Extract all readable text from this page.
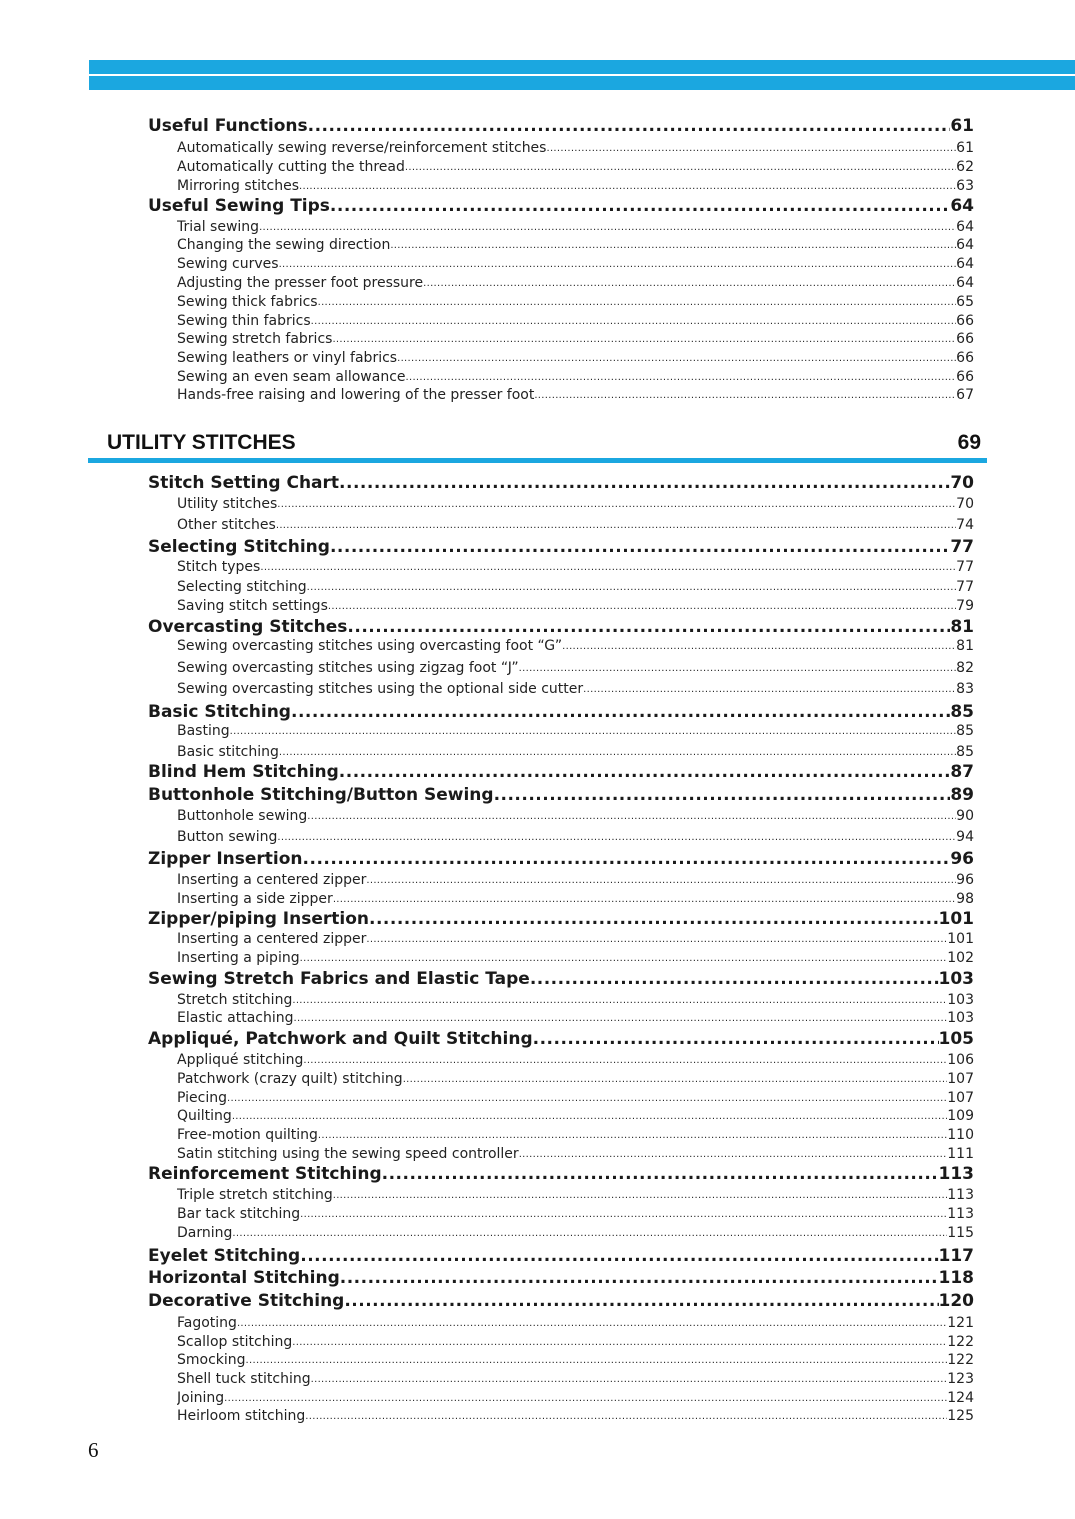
Useful Functions .....	61
Automatically sewing reverse/reinforcement stitches .....	61
Automatically cutting the thread .....	62
Mirroring stitches .....	63
Useful Sewing Tips .....	64
Trial sewing .....	64
Changing the sewing direction .....	64
Sewing curves .....	64
Adjusting the presser foot pressure .....	64
Sewing thick fabrics .....	65
Sewing thin fabrics .....	66
Sewing stretch fabrics .....	66
Sewing leathers or vinyl fabrics .....	66
Sewing an even seam allowance .....	66
Hands-free raising and lowering of the presser foot .....	67
Stitch Setting Chart .....	70
Utility stitches .....	70
Other stitches .....	74
Selecting Stitching .....	77
Stitch types .....	77
Selecting stitching .....	77
Saving stitch settings .....	79
Overcasting Stitches .....	81
Sewing overcasting stitches using overcasting foot “G” .....	81
Sewing overcasting stitches using zigzag foot “J” .....	82
Sewing overcasting stitches using the optional side cutter .....	83
Basic Stitching .....	85
Basting .....	85
Basic stitching .....	85
Blind Hem Stitching .....	87
Buttonhole Stitching/Button Sewing .....	89
Buttonhole sewing .....	90
Button sewing .....	94
Zipper Insertion .....	96
Inserting a centered zipper .....	96
Inserting a side zipper .....	98
Zipper/piping Insertion .....	101
Inserting a centered zipper .....	101
Inserting a piping .....	102
Sewing Stretch Fabrics and Elastic Tape .....	103
Stretch stitching .....	103
Elastic attaching .....	103
Appliqué, Patchwork and Quilt Stitching .....	105
Appliqué stitching .....	106
Patchwork (crazy quilt) stitching .....	107
Piecing .....	107
Quilting .....	109
Free-motion quilting .....	110
Satin stitching using the sewing speed controller .....	111
Reinforcement Stitching .....	113
Triple stretch stitching .....	113
Bar tack stitching .....	113
Darning .....	115
Eyelet Stitching .....	117
Horizontal Stitching .....	118
Decorative Stitching .....	120
Fagoting .....	121
Scallop stitching .....	122
Smocking .....	122
Shell tuck stitching .....	123
Joining .....	124
Heirloom stitching .....	125
UTILITY STITCHES	69
6
